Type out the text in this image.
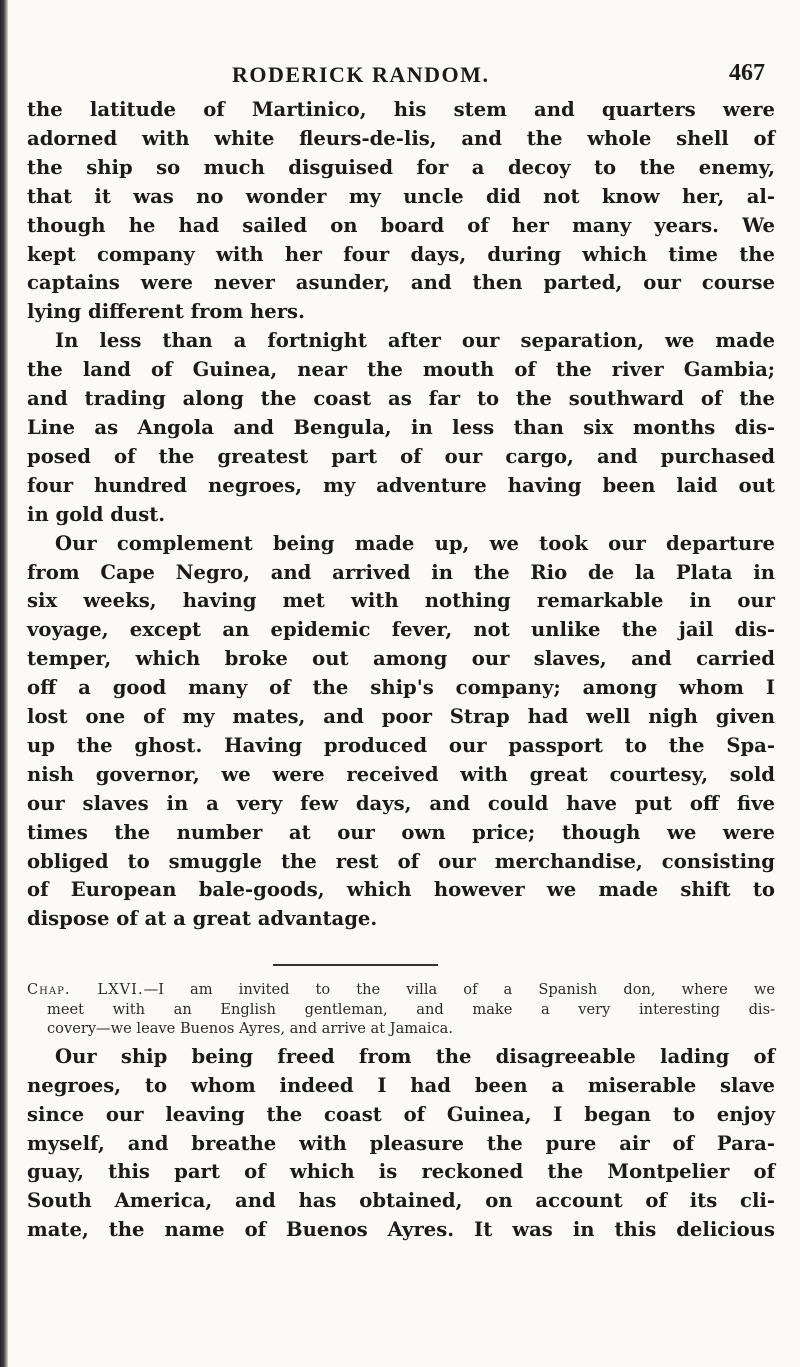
RODERICK RANDOM.	467

the latitude of Martinico, his stem and quarters were
adorned with white fleurs-de-lis, and the whole shell of
the ship so much disguised for a decoy to the enemy,
that it was no wonder my uncle did not know her, al-
though he had sailed on board of her many years. We
kept company with her four days, during which time the
captains were never asunder, and then parted, our course
lying different from hers.

In less than a fortnight after our separation, we made
the land of Guinea, near the mouth of the river Gambia;
and trading along the coast as far to the southward of the
Line as Angola and Bengula, in less than six months dis-
posed of the greatest part of our cargo, and purchased
four hundred negroes, my adventure having been laid out
in gold dust.

Our complement being made up, we took our departure
from Cape Negro, and arrived in the Rio de la Plata in
six weeks, having met with nothing remarkable in our
voyage, except an epidemic fever, not unlike the jail dis-
temper, which broke out among our slaves, and carried
off a good many of the ship's company; among whom I
lost one of my mates, and poor Strap had well nigh given
up the ghost. Having produced our passport to the Spa-
nish governor, we were received with great courtesy, sold
our slaves in a very few days, and could have put off five
times the number at our own price; though we were
obliged to smuggle the rest of our merchandise, consisting
of European bale-goods, which however we made shift to
dispose of at a great advantage.

Chap. LXVI.—I am invited to the villa of a Spanish don, where we
meet with an English gentleman, and make a very interesting dis-
covery—we leave Buenos Ayres, and arrive at Jamaica.

Our ship being freed from the disagreeable lading of
negroes, to whom indeed I had been a miserable slave
since our leaving the coast of Guinea, I began to enjoy
myself, and breathe with pleasure the pure air of Para-
guay, this part of which is reckoned the Montpelier of
South America, and has obtained, on account of its cli-
mate, the name of Buenos Ayres. It was in this delicious
